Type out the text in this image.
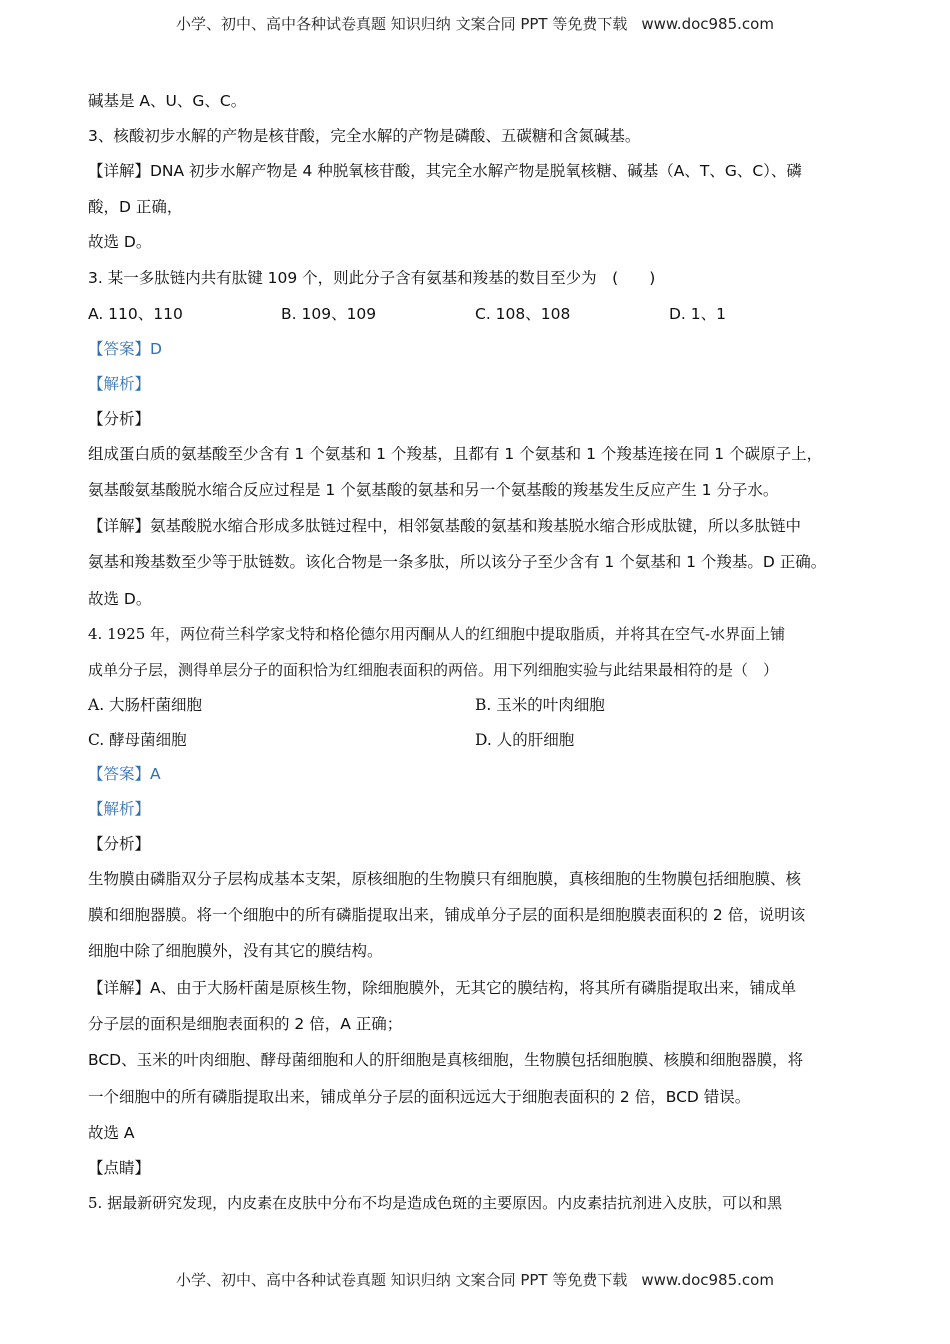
小学、初中、高中各种试卷真题 知识归纳 文案合同 PPT 等免费下载 www.doc985.com
碱基是 A、U、G、C。
3、核酸初步水解的产物是核苷酸，完全水解的产物是磷酸、五碳糖和含氮碱基。
【详解】DNA 初步水解产物是 4 种脱氧核苷酸，其完全水解产物是脱氧核糖、碱基（A、T、G、C）、磷
酸，D 正确，
故选 D。
3. 某一多肽链内共有肽键 109 个，则此分子含有氨基和羧基的数目至少为　(　　)
A. 110、110	B. 109、109	C. 108、108	D. 1、1
【答案】D
【解析】
【分析】
组成蛋白质的氨基酸至少含有 1 个氨基和 1 个羧基，且都有 1 个氨基和 1 个羧基连接在同 1 个碳原子上，
氨基酸氨基酸脱水缩合反应过程是 1 个氨基酸的氨基和另一个氨基酸的羧基发生反应产生 1 分子水。
【详解】氨基酸脱水缩合形成多肽链过程中，相邻氨基酸的氨基和羧基脱水缩合形成肽键，所以多肽链中
氨基和羧基数至少等于肽链数。该化合物是一条多肽，所以该分子至少含有 1 个氨基和 1 个羧基。D 正确。
故选 D。
4. 1925 年，两位荷兰科学家戈特和格伦德尔用丙酮从人的红细胞中提取脂质，并将其在空气-水界面上铺
成单分子层，测得单层分子的面积恰为红细胞表面积的两倍。用下列细胞实验与此结果最相符的是（　）
A. 大肠杆菌细胞	B. 玉米的叶肉细胞
C. 酵母菌细胞	D. 人的肝细胞
【答案】A
【解析】
【分析】
生物膜由磷脂双分子层构成基本支架，原核细胞的生物膜只有细胞膜，真核细胞的生物膜包括细胞膜、核
膜和细胞器膜。将一个细胞中的所有磷脂提取出来，铺成单分子层的面积是细胞膜表面积的 2 倍，说明该
细胞中除了细胞膜外，没有其它的膜结构。
【详解】A、由于大肠杆菌是原核生物，除细胞膜外，无其它的膜结构，将其所有磷脂提取出来，铺成单
分子层的面积是细胞表面积的 2 倍，A 正确；
BCD、玉米的叶肉细胞、酵母菌细胞和人的肝细胞是真核细胞，生物膜包括细胞膜、核膜和细胞器膜，将
一个细胞中的所有磷脂提取出来，铺成单分子层的面积远远大于细胞表面积的 2 倍，BCD 错误。
故选 A
【点睛】
5. 据最新研究发现，内皮素在皮肤中分布不均是造成色斑的主要原因。内皮素拮抗剂进入皮肤，可以和黑
小学、初中、高中各种试卷真题 知识归纳 文案合同 PPT 等免费下载 www.doc985.com
